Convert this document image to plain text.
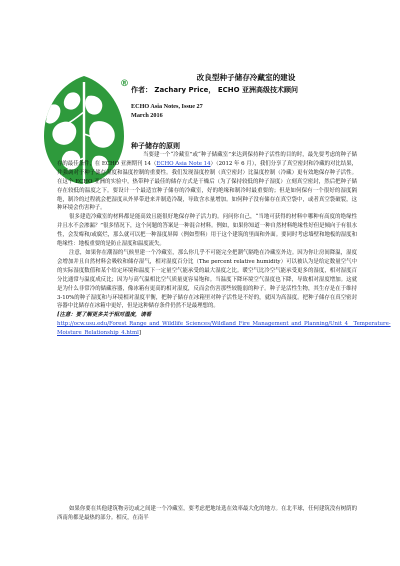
®
改良型种子储存冷藏室的建设
作者： Zachary Price， ECHO 亚洲高级技术顾问
ECHO Asia Notes, Issue 27
March 2016
种子储存的原则

当要建一个“冷藏室”或“种子储藏室”来达到保持种子活性的目的时，最先要考虑的种子储存的最佳条件，在 ECHO 亚洲期刊 14（ECHO Asia Note 14）（2012 年 6 月），我们分享了真空密封和冷藏的对比结果，并强调对于种子储存湿度和温度控制的重要性。我们发现湿度控制（真空密封）比温度控制（冷藏）更有效地保存种子活性。在这个 ECHO 亚洲的实验中，热带种子最佳的储存方式是干燥后（为了保持较低的种子湿度）立刻真空密封，然后把种子储存在较低的温度之下。要设计一个最适宜种子储存的冷藏室，好的绝缘和制冷时最重要的；但是如何保有一个很好的湿度隔绝，制冷的过程就会把湿度从外界带进来并制造冷凝，导致含水量增加。如何种子没有储存在真空袋中，或者真空袋破裂，这种环境会伤害种子。

很多建造冷藏室的材料都是能高效且能很好地保存种子活力的。问问你自己，“当地可获得的材料中哪种有高度的绝缘性并且水不会渗漏？”很多情况下，这个问题的答案是一种混合材料。例如，如果你知道一种自然材料绝缘性好但是倾向于有很水性，会发霉和/或腐烂，那么就可以把一种湿度屏障（例如塑料）用于这个建筑的里面和外面。要同时考虑墙壁和地板的湿度和绝缘性：地板重要的是防止湿度和温度流失。

注意，如果你在潮湿的气候里建一个冷藏室，那么你几乎不可能完全把潮气隔绝在冷藏室外边。因为你让房间降温，湿度会增加并且自然材料会吸收和储存湿气，相对湿度百分比（The percent relative humidity）可以被认为是给定数量空气中的实际湿度数值和某个给定环境和温度下一定量空气能承受的最大湿度之比。暖空气比冷空气能承受更多的湿度，相对湿度百分比通常与温度成反比；因为与高气温相比空气质量更容易饱和。当温度下降环境空气湿度也下降，导致相对湿度增加。这就是为什么非常冷的储藏容器，像冰箱有更高的相对湿度，反而会伤害那些较脆弱的种子。种子是活性生物，其生存是在于维持 3-10%的种子湿度和与环境相对湿度平衡，把种子储存在冰箱里对种子活性是不好的，就因为高湿度。把种子储存在真空密封容器中比储存在冰箱中更好，但是这种储存条件仍然不是最理想的。

[注意：要了解更多关于相对湿度，请看
http://ocw.usu.edu/Forest_Range_and_Wildlife_Sciences/Wildland_Fire_Management_and_Planning/Unit_4__Temperature-Moisture_Relationship_4.html]

如果你要在其他建筑物旁边或之间建一个冷藏室，要考虑把地址选在效率最大化的地方。在北半球，任何建筑没有树荫的西南角都是最热的部分。相反，在南半
